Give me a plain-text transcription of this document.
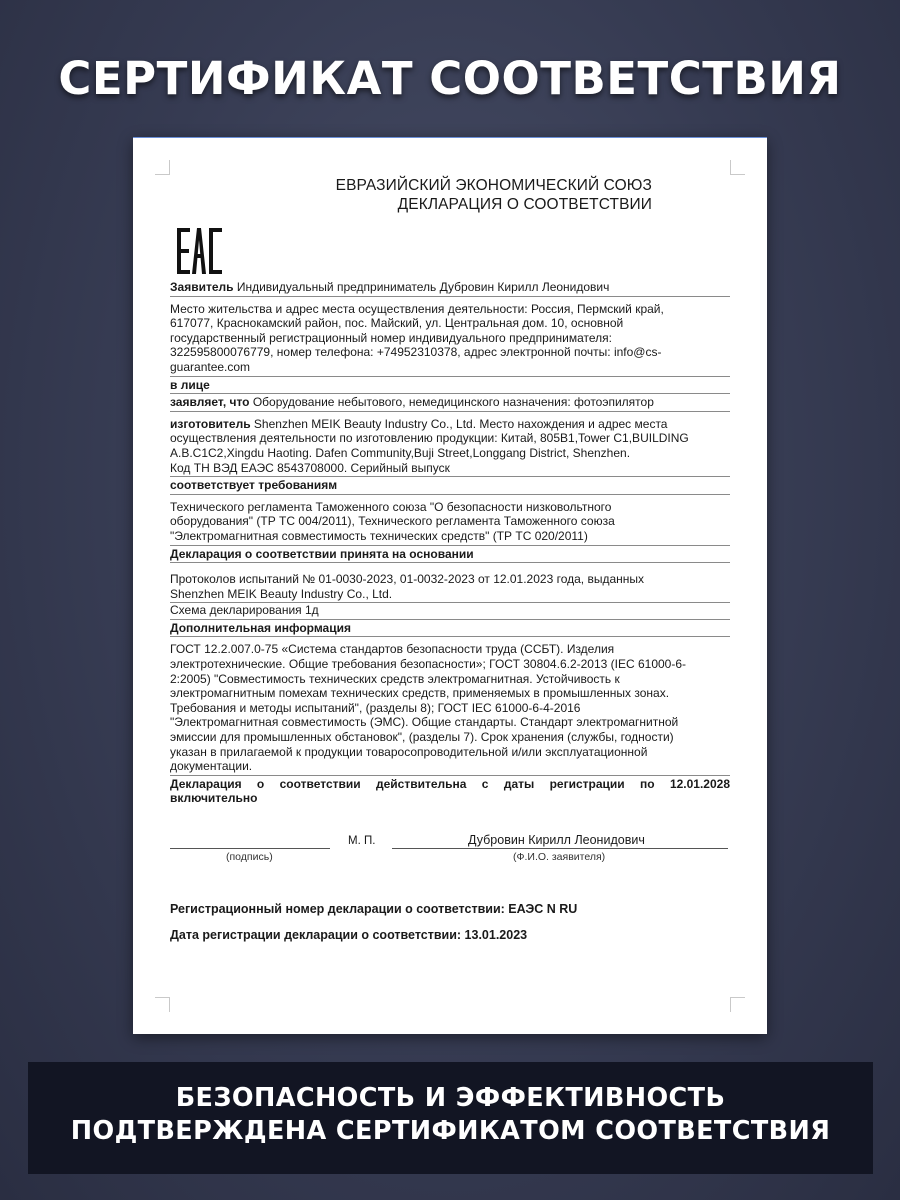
СЕРТИФИКАТ СООТВЕТСТВИЯ
ЕВРАЗИЙСКИЙ ЭКОНОМИЧЕСКИЙ СОЮЗ
ДЕКЛАРАЦИЯ О СООТВЕТСТВИИ
Заявитель Индивидуальный предприниматель Дубровин Кирилл Леонидович
Место жительства и адрес места осуществления деятельности: Россия, Пермский край,
617077, Краснокамский район, пос. Майский, ул. Центральная дом. 10, основной
государственный регистрационный номер индивидуального предпринимателя:
322595800076779, номер телефона: +74952310378, адрес электронной почты: info@cs-
guarantee.com
в лице
заявляет, что Оборудование небытового, немедицинского назначения: фотоэпилятор
изготовитель Shenzhen MEIK Beauty Industry Co., Ltd. Место нахождения и адрес места
осуществления деятельности по изготовлению продукции: Китай, 805B1,Tower C1,BUILDING
A.B.C1C2,Xingdu Haoting. Dafen Community,Buji Street,Longgang District, Shenzhen.
Код ТН ВЭД ЕАЭС 8543708000. Серийный выпуск
соответствует требованиям
Технического регламента Таможенного союза "О безопасности низковольтного
оборудования" (ТР ТС 004/2011), Технического регламента Таможенного союза
"Электромагнитная совместимость технических средств" (ТР ТС 020/2011)
Декларация о соответствии принята на основании
Протоколов испытаний № 01-0030-2023, 01-0032-2023 от 12.01.2023 года, выданных
Shenzhen MEIK Beauty Industry Co., Ltd.
Схема декларирования 1д
Дополнительная информация
ГОСТ 12.2.007.0-75 «Система стандартов безопасности труда (ССБТ). Изделия
электротехнические. Общие требования безопасности»; ГОСТ 30804.6.2-2013 (IEC 61000-6-
2:2005) "Совместимость технических средств электромагнитная. Устойчивость к
электромагнитным помехам технических средств, применяемых в промышленных зонах.
Требования и методы испытаний", (разделы 8); ГОСТ IEC 61000-6-4-2016
"Электромагнитная совместимость (ЭМС). Общие стандарты. Стандарт электромагнитной
эмиссии для промышленных обстановок", (разделы 7). Срок хранения (службы, годности)
указан в прилагаемой к продукции товаросопроводительной и/или эксплуатационной
документации.
Декларация о соответствии действительна с даты регистрации по 12.01.2028
включительно
(подпись)
М. П.	Дубровин Кирилл Леонидович
(Ф.И.О. заявителя)
Регистрационный номер декларации о соответствии: ЕАЭС N RU
Дата регистрации декларации о соответствии: 13.01.2023
БЕЗОПАСНОСТЬ И ЭФФЕКТИВНОСТЬ
ПОДТВЕРЖДЕНА СЕРТИФИКАТОМ СООТВЕТСТВИЯ
